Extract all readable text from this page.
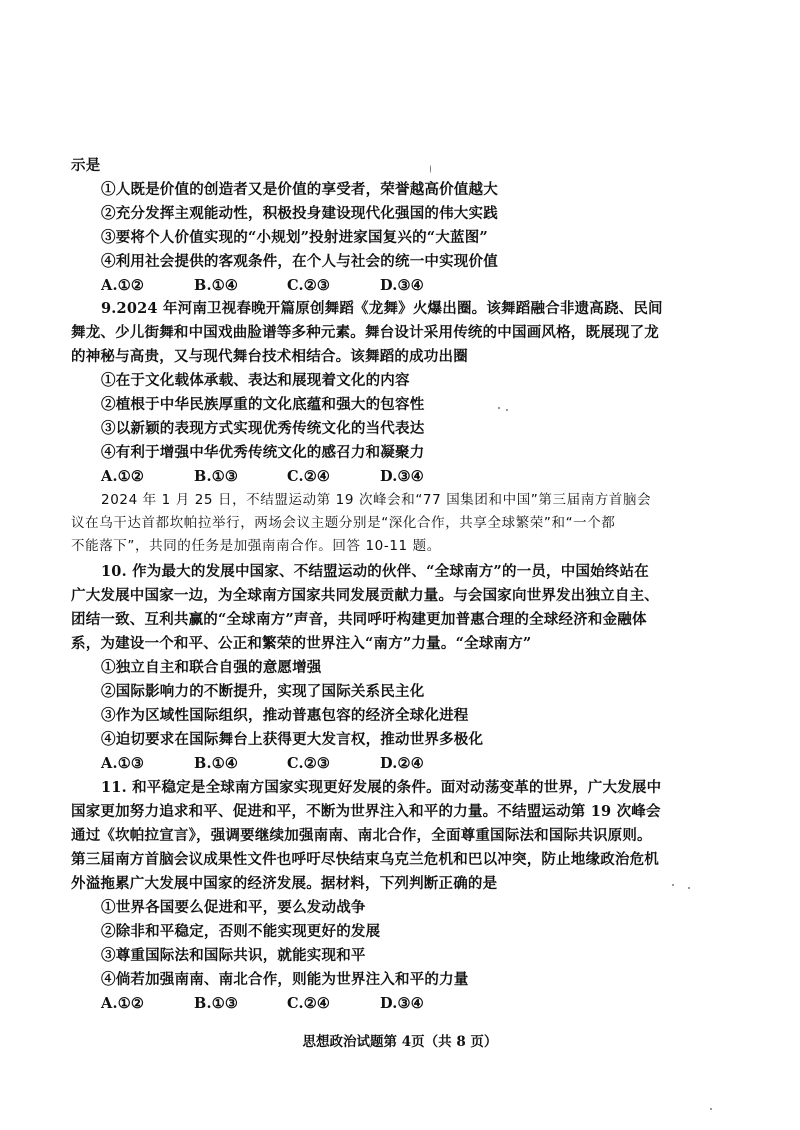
示是
①人既是价值的创造者又是价值的享受者，荣誉越高价值越大
②充分发挥主观能动性，积极投身建设现代化强国的伟大实践
③要将个人价值实现的“小规划”投射进家国复兴的“大蓝图”
④利用社会提供的客观条件，在个人与社会的统一中实现价值
A.①②	B.①④	C.②③	D.③④
9.2024 年河南卫视春晚开篇原创舞蹈《龙舞》火爆出圈。该舞蹈融合非遗高跷、民间
舞龙、少儿街舞和中国戏曲脸谱等多种元素。舞台设计采用传统的中国画风格，既展现了龙
的神秘与高贵，又与现代舞台技术相结合。该舞蹈的成功出圈
①在于文化载体承载、表达和展现着文化的内容
②植根于中华民族厚重的文化底蕴和强大的包容性
③以新颖的表现方式实现优秀传统文化的当代表达
④有利于增强中华优秀传统文化的感召力和凝聚力
A.①②	B.①③	C.②④	D.③④
2024 年 1 月 25 日，不结盟运动第 19 次峰会和“77 国集团和中国”第三届南方首脑会
议在乌干达首都坎帕拉举行，两场会议主题分别是“深化合作，共享全球繁荣”和“一个都
不能落下”，共同的任务是加强南南合作。回答 10-11 题。
10. 作为最大的发展中国家、不结盟运动的伙伴、“全球南方”的一员，中国始终站在
广大发展中国家一边，为全球南方国家共同发展贡献力量。与会国家向世界发出独立自主、
团结一致、互利共赢的“全球南方”声音，共同呼吁构建更加普惠合理的全球经济和金融体
系，为建设一个和平、公正和繁荣的世界注入“南方”力量。“全球南方”
①独立自主和联合自强的意愿增强
②国际影响力的不断提升，实现了国际关系民主化
③作为区域性国际组织，推动普惠包容的经济全球化进程
④迫切要求在国际舞台上获得更大发言权，推动世界多极化
A.①③	B.①④	C.②③	D.②④
11. 和平稳定是全球南方国家实现更好发展的条件。面对动荡变革的世界，广大发展中
国家更加努力追求和平、促进和平，不断为世界注入和平的力量。不结盟运动第 19 次峰会
通过《坎帕拉宣言》，强调要继续加强南南、南北合作，全面尊重国际法和国际共识原则。
第三届南方首脑会议成果性文件也呼吁尽快结束乌克兰危机和巴以冲突，防止地缘政治危机
外溢拖累广大发展中国家的经济发展。据材料，下列判断正确的是
①世界各国要么促进和平，要么发动战争
②除非和平稳定，否则不能实现更好的发展
③尊重国际法和国际共识，就能实现和平
④倘若加强南南、南北合作，则能为世界注入和平的力量
A.①②	B.①③	C.②④	D.③④
思想政治试题第 4页（共 8 页）
